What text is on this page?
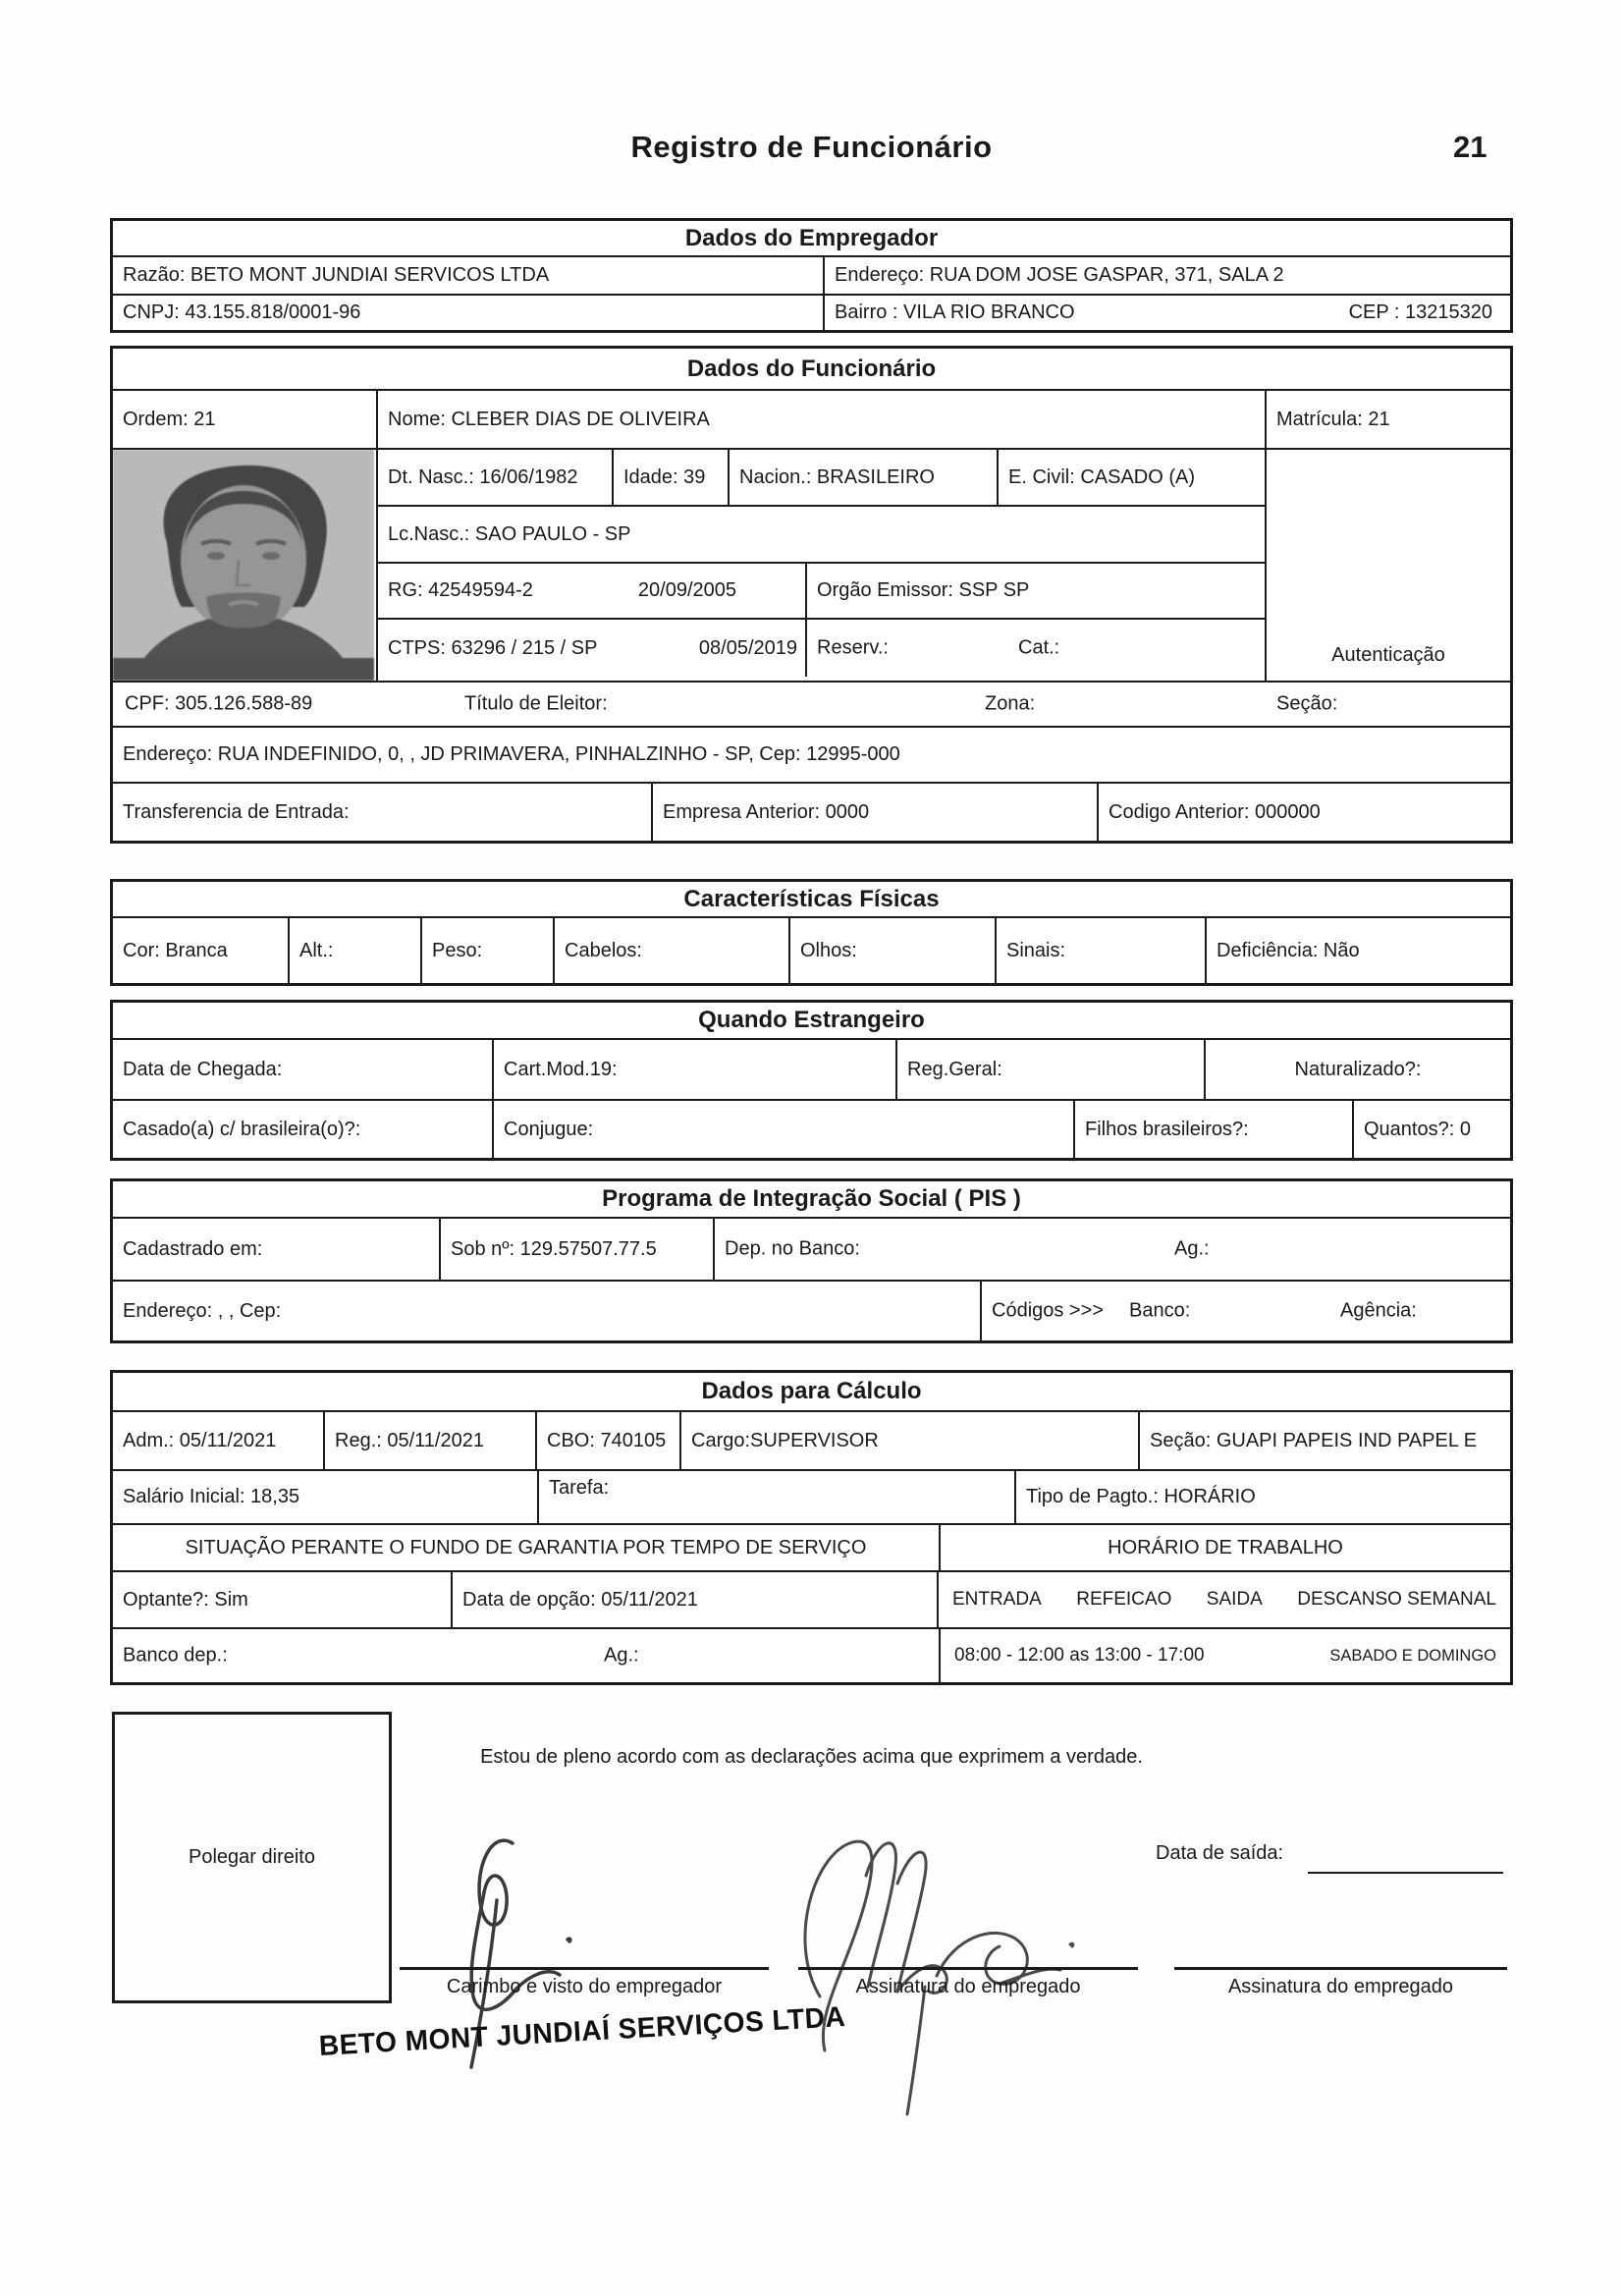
Registro de Funcionário	21
Dados do Empregador
Razão: BETO MONT JUNDIAI SERVICOS LTDA	Endereço: RUA DOM JOSE GASPAR, 371, SALA 2
CNPJ: 43.155.818/0001-96	Bairro : VILA RIO BRANCO	CEP : 13215320
Dados do Funcionário
Ordem: 21	Nome: CLEBER DIAS DE OLIVEIRA	Matrícula: 21
Dt. Nasc.: 16/06/1982	Idade: 39	Nacion.: BRASILEIRO	E. Civil: CASADO (A)
Lc.Nasc.: SAO PAULO - SP
RG: 42549594-2	20/09/2005	Orgão Emissor: SSP SP
CTPS: 63296 / 215 / SP	08/05/2019	Reserv.:	Cat.:	Autenticação
CPF: 305.126.588-89	Título de Eleitor:	Zona:	Seção:
Endereço: RUA INDEFINIDO, 0, , JD PRIMAVERA, PINHALZINHO - SP, Cep: 12995-000
Transferencia de Entrada:	Empresa Anterior: 0000	Codigo Anterior: 000000
Características Físicas
Cor: Branca	Alt.:	Peso:	Cabelos:	Olhos:	Sinais:	Deficiência: Não
Quando Estrangeiro
Data de Chegada:	Cart.Mod.19:	Reg.Geral:	Naturalizado?:
Casado(a) c/ brasileira(o)?:	Conjugue:	Filhos brasileiros?:	Quantos?: 0
Programa de Integração Social ( PIS )
Cadastrado em:	Sob nº: 129.57507.77.5	Dep. no Banco:	Ag.:
Endereço: , , Cep:	Códigos >>> Banco:	Agência:
Dados para Cálculo
Adm.: 05/11/2021	Reg.: 05/11/2021	CBO: 740105	Cargo:SUPERVISOR	Seção: GUAPI PAPEIS IND PAPEL E
Salário Inicial: 18,35	Tarefa:	Tipo de Pagto.: HORÁRIO
SITUAÇÃO PERANTE O FUNDO DE GARANTIA POR TEMPO DE SERVIÇO	HORÁRIO DE TRABALHO
Optante?: Sim	Data de opção: 05/11/2021	ENTRADA REFEICAO SAIDA DESCANSO SEMANAL
Banco dep.:	Ag.:	08:00 - 12:00 as 13:00 - 17:00	SABADO E DOMINGO
Polegar direito
Estou de pleno acordo com as declarações acima que exprimem a verdade.
Data de saída:
Carimbo e visto do empregador	Assinatura do empregado	Assinatura do empregado
BETO MONT JUNDIAÍ SERVIÇOS LTDA
